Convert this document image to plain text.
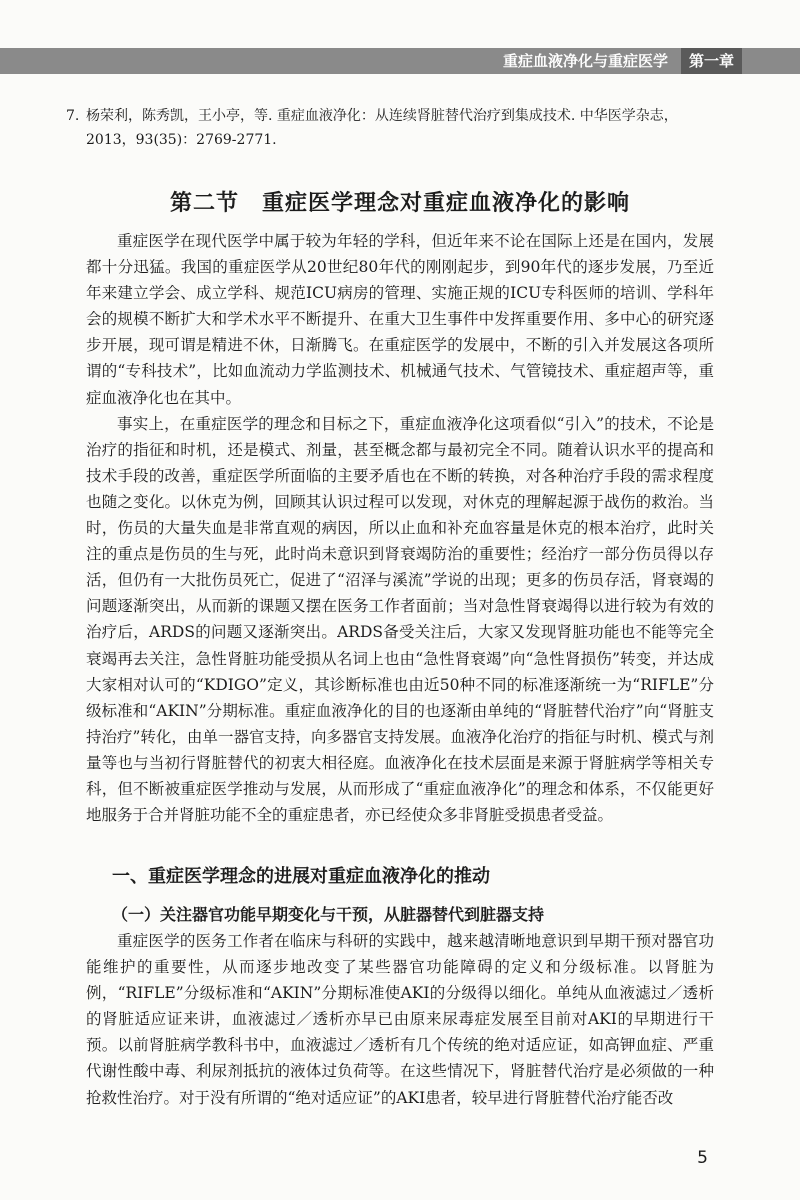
重症血液净化与重症医学	第一章
7. 杨荣利，陈秀凯，王小亭，等. 重症血液净化：从连续肾脏替代治疗到集成技术. 中华医学杂志，2013，93(35)：2769-2771.
第二节　重症医学理念对重症血液净化的影响

重症医学在现代医学中属于较为年轻的学科，但近年来不论在国际上还是在国内，发展都十分迅猛。我国的重症医学从20世纪80年代的刚刚起步，到90年代的逐步发展，乃至近年来建立学会、成立学科、规范ICU病房的管理、实施正规的ICU专科医师的培训、学科年会的规模不断扩大和学术水平不断提升、在重大卫生事件中发挥重要作用、多中心的研究逐步开展，现可谓是精进不休，日渐腾飞。在重症医学的发展中，不断的引入并发展这各项所谓的“专科技术”，比如血流动力学监测技术、机械通气技术、气管镜技术、重症超声等，重症血液净化也在其中。

事实上，在重症医学的理念和目标之下，重症血液净化这项看似“引入”的技术，不论是治疗的指征和时机，还是模式、剂量，甚至概念都与最初完全不同。随着认识水平的提高和技术手段的改善，重症医学所面临的主要矛盾也在不断的转换，对各种治疗手段的需求程度也随之变化。以休克为例，回顾其认识过程可以发现，对休克的理解起源于战伤的救治。当时，伤员的大量失血是非常直观的病因，所以止血和补充血容量是休克的根本治疗，此时关注的重点是伤员的生与死，此时尚未意识到肾衰竭防治的重要性；经治疗一部分伤员得以存活，但仍有一大批伤员死亡，促进了“沼泽与溪流”学说的出现；更多的伤员存活，肾衰竭的问题逐渐突出，从而新的课题又摆在医务工作者面前；当对急性肾衰竭得以进行较为有效的治疗后，ARDS的问题又逐渐突出。ARDS备受关注后，大家又发现肾脏功能也不能等完全衰竭再去关注，急性肾脏功能受损从名词上也由“急性肾衰竭”向“急性肾损伤”转变，并达成大家相对认可的“KDIGO”定义，其诊断标准也由近50种不同的标准逐渐统一为“RIFLE”分级标准和“AKIN”分期标准。重症血液净化的目的也逐渐由单纯的“肾脏替代治疗”向“肾脏支持治疗”转化，由单一器官支持，向多器官支持发展。血液净化治疗的指征与时机、模式与剂量等也与当初行肾脏替代的初衷大相径庭。血液净化在技术层面是来源于肾脏病学等相关专科，但不断被重症医学推动与发展，从而形成了“重症血液净化”的理念和体系，不仅能更好地服务于合并肾脏功能不全的重症患者，亦已经使众多非肾脏受损患者受益。

一、重症医学理念的进展对重症血液净化的推动
（一）关注器官功能早期变化与干预，从脏器替代到脏器支持

重症医学的医务工作者在临床与科研的实践中，越来越清晰地意识到早期干预对器官功能维护的重要性，从而逐步地改变了某些器官功能障碍的定义和分级标准。以肾脏为例，“RIFLE”分级标准和“AKIN”分期标准使AKI的分级得以细化。单纯从血液滤过／透析的肾脏适应证来讲，血液滤过／透析亦早已由原来尿毒症发展至目前对AKI的早期进行干预。以前肾脏病学教科书中，血液滤过／透析有几个传统的绝对适应证，如高钾血症、严重代谢性酸中毒、利尿剂抵抗的液体过负荷等。在这些情况下，肾脏替代治疗是必须做的一种抢救性治疗。对于没有所谓的“绝对适应证”的AKI患者，较早进行肾脏替代治疗能否改

5
